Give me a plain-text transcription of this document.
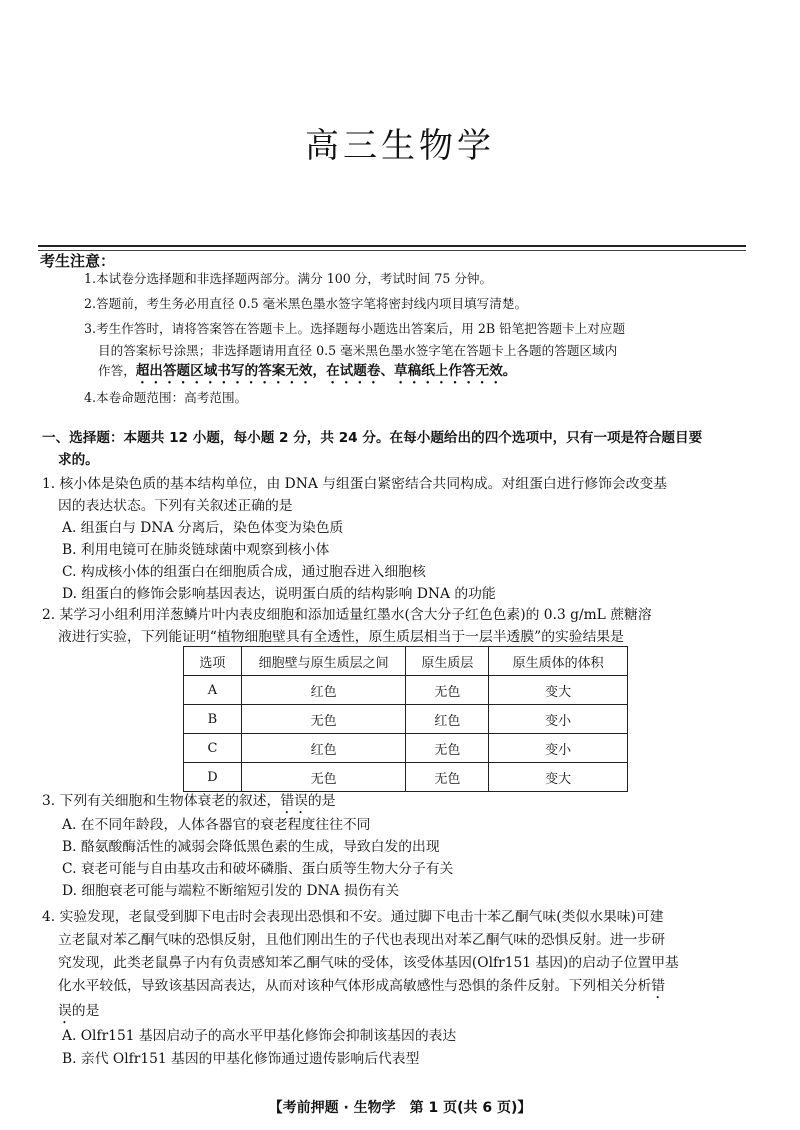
高三生物学
考生注意：
1.本试卷分选择题和非选择题两部分。满分 100 分，考试时间 75 分钟。
2.答题前，考生务必用直径 0.5 毫米黑色墨水签字笔将密封线内项目填写清楚。
3.考生作答时，请将答案答在答题卡上。选择题每小题选出答案后，用 2B 铅笔把答题卡上对应题
目的答案标号涂黑；非选择题请用直径 0.5 毫米黑色墨水签字笔在答题卡上各题的答题区域内
作答，超出答题区域书写的答案无效，在试题卷、草稿纸上作答无效。
4.本卷命题范围：高考范围。
一、选择题：本题共 12 小题，每小题 2 分，共 24 分。在每小题给出的四个选项中，只有一项是符合题目要
求的。
1. 核小体是染色质的基本结构单位，由 DNA 与组蛋白紧密结合共同构成。对组蛋白进行修饰会改变基
因的表达状态。下列有关叙述正确的是
A. 组蛋白与 DNA 分离后，染色体变为染色质
B. 利用电镜可在肺炎链球菌中观察到核小体
C. 构成核小体的组蛋白在细胞质合成，通过胞吞进入细胞核
D. 组蛋白的修饰会影响基因表达，说明蛋白质的结构影响 DNA 的功能
2. 某学习小组利用洋葱鳞片叶内表皮细胞和添加适量红墨水(含大分子红色色素)的 0.3 g/mL 蔗糖溶
液进行实验，下列能证明“植物细胞壁具有全透性，原生质层相当于一层半透膜”的实验结果是
选项	细胞壁与原生质层之间	原生质层	原生质体的体积
A	红色	无色	变大
B	无色	红色	变小
C	红色	无色	变小
D	无色	无色	变大
3. 下列有关细胞和生物体衰老的叙述，错误的是
A. 在不同年龄段，人体各器官的衰老程度往往不同
B. 酪氨酸酶活性的减弱会降低黑色素的生成，导致白发的出现
C. 衰老可能与自由基攻击和破坏磷脂、蛋白质等生物大分子有关
D. 细胞衰老可能与端粒不断缩短引发的 DNA 损伤有关
4. 实验发现，老鼠受到脚下电击时会表现出恐惧和不安。通过脚下电击十苯乙酮气味(类似水果味)可建
立老鼠对苯乙酮气味的恐惧反射，且他们刚出生的子代也表现出对苯乙酮气味的恐惧反射。进一步研
究发现，此类老鼠鼻子内有负责感知苯乙酮气味的受体，该受体基因(Olfr151 基因)的启动子位置甲基
化水平较低，导致该基因高表达，从而对该种气体形成高敏感性与恐惧的条件反射。下列相关分析错
误的是
A. Olfr151 基因启动子的高水平甲基化修饰会抑制该基因的表达
B. 亲代 Olfr151 基因的甲基化修饰通过遗传影响后代表型
【考前押题 · 生物学　第 1 页(共 6 页)】
